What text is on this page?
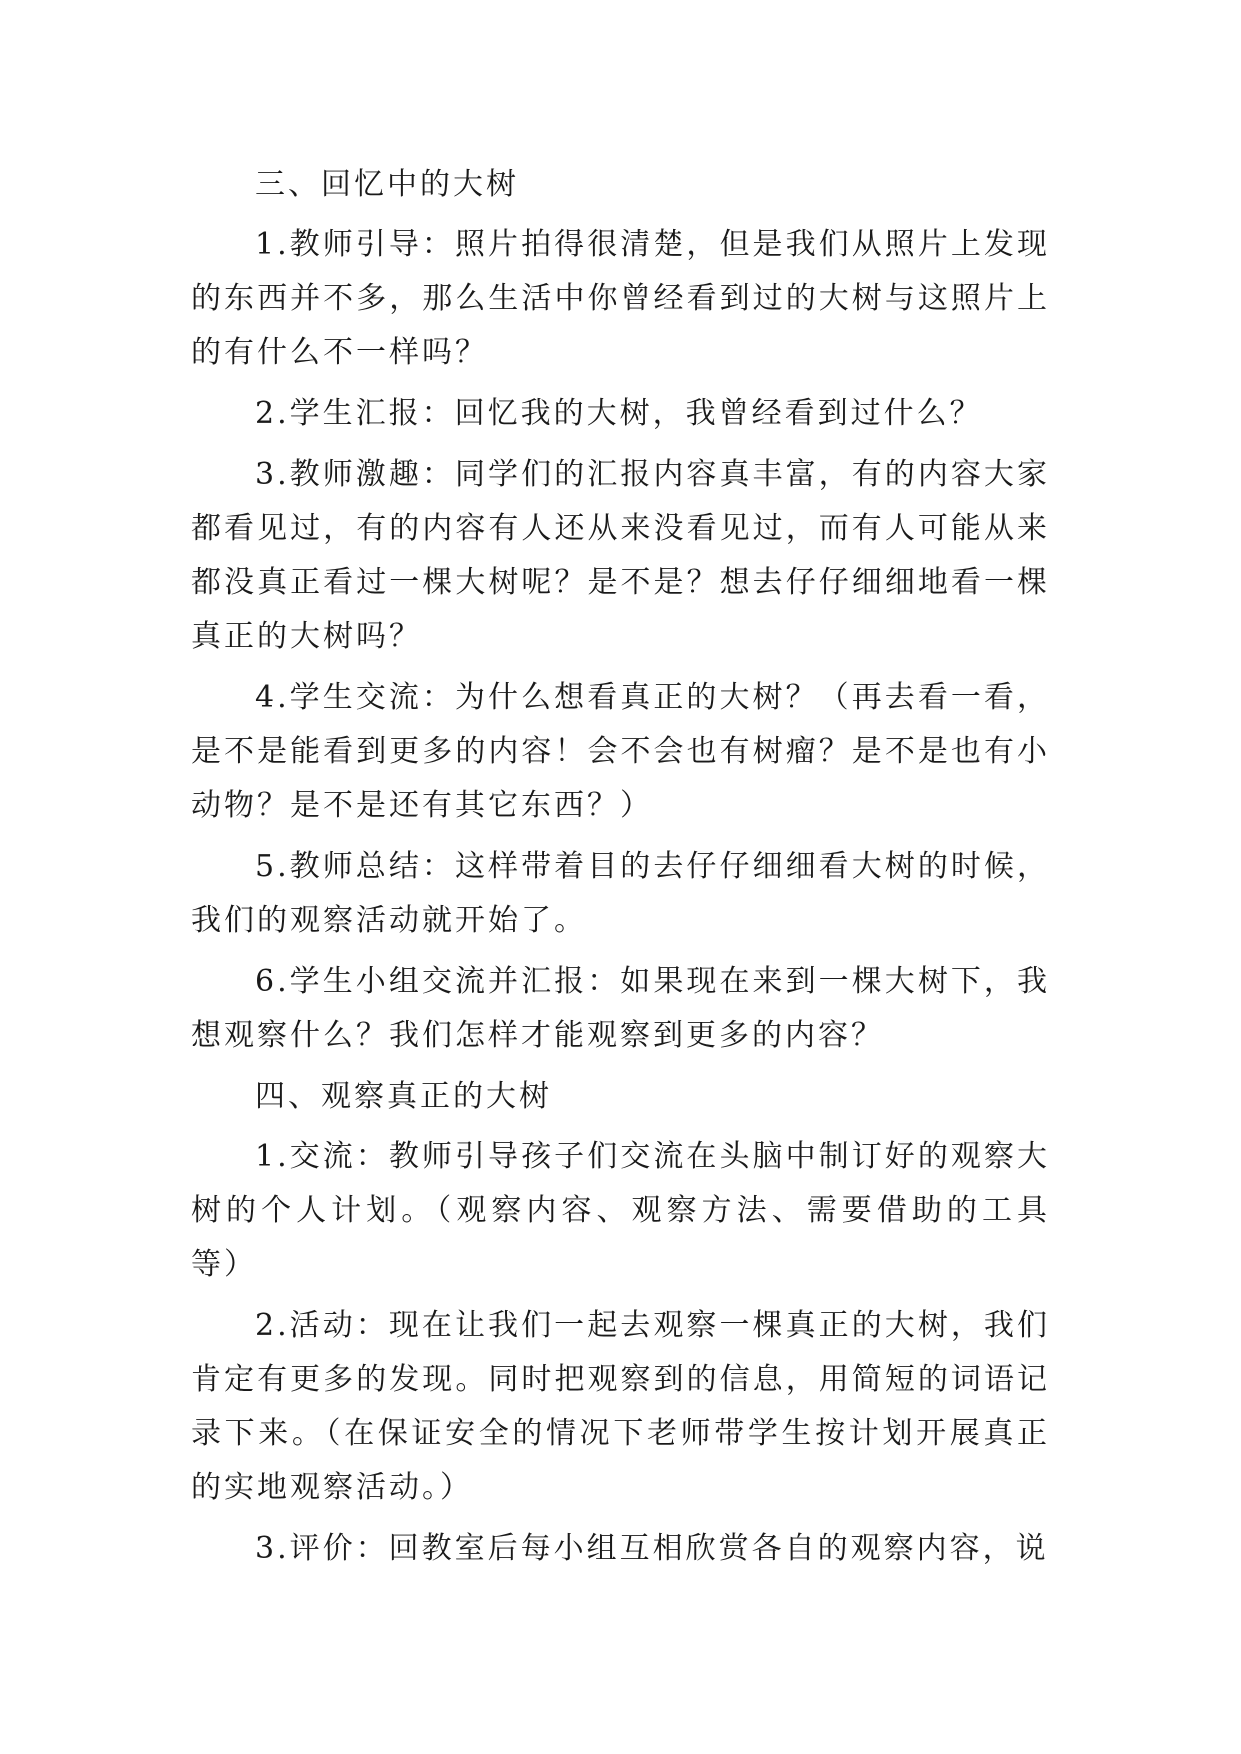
三、回忆中的大树

1.教师引导：照片拍得很清楚，但是我们从照片上发现的东西并不多，那么生活中你曾经看到过的大树与这照片上的有什么不一样吗？

2.学生汇报：回忆我的大树，我曾经看到过什么？

3.教师激趣：同学们的汇报内容真丰富，有的内容大家都看见过，有的内容有人还从来没看见过，而有人可能从来都没真正看过一棵大树呢？是不是？想去仔仔细细地看一棵真正的大树吗？

4.学生交流：为什么想看真正的大树？（再去看一看，是不是能看到更多的内容！会不会也有树瘤？是不是也有小动物？是不是还有其它东西？）

5.教师总结：这样带着目的去仔仔细细看大树的时候，我们的观察活动就开始了。

6.学生小组交流并汇报：如果现在来到一棵大树下，我想观察什么？我们怎样才能观察到更多的内容？

四、观察真正的大树

1.交流：教师引导孩子们交流在头脑中制订好的观察大树的个人计划。（观察内容、观察方法、需要借助的工具等）

2.活动：现在让我们一起去观察一棵真正的大树，我们肯定有更多的发现。同时把观察到的信息，用简短的词语记录下来。（在保证安全的情况下老师带学生按计划开展真正的实地观察活动。）

3.评价：回教室后每小组互相欣赏各自的观察内容，说
